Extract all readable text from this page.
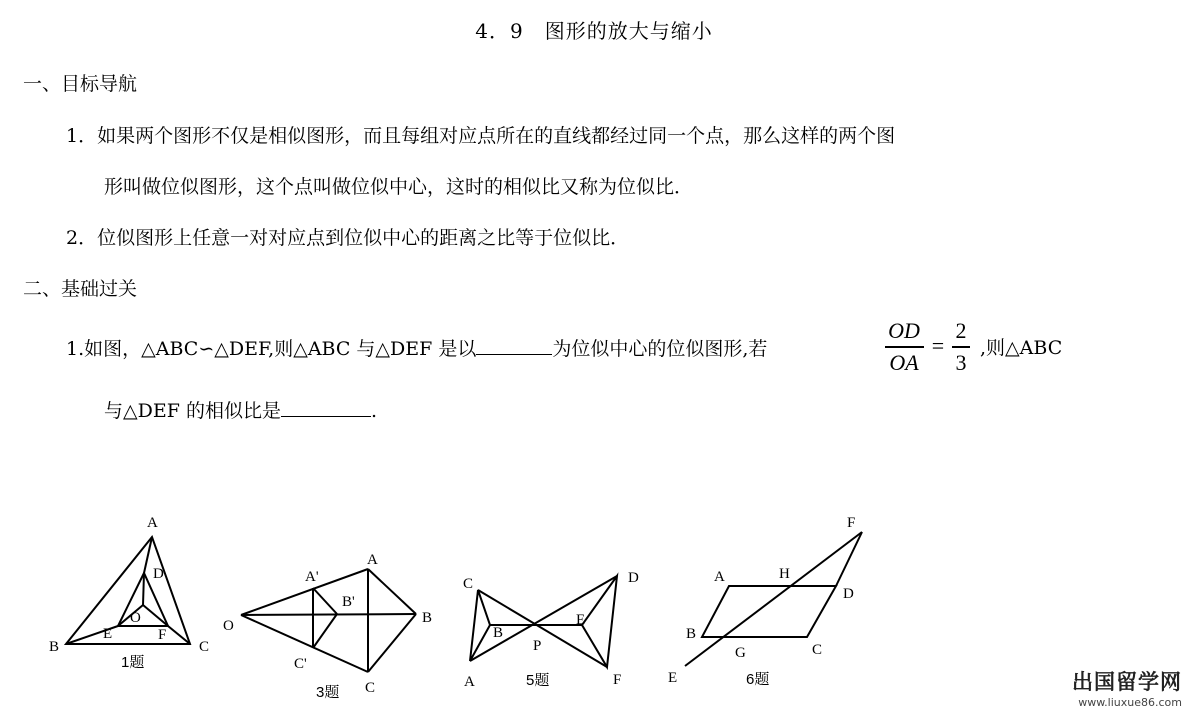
4．9　图形的放大与缩小
一、目标导航
1．如果两个图形不仅是相似图形，而且每组对应点所在的直线都经过同一个点，那么这样的两个图
形叫做位似图形，这个点叫做位似中心，这时的相似比又称为位似比．
2．位似图形上任意一对对应点到位似中心的距离之比等于位似比．
二、基础过关
1.如图，△ABC∽△DEF,则△ABC 与△DEF 是以	为位似中心的位似图形,若
OD
OA
=
2
3
,则△ABC
与△DEF 的相似比是	.
A
D
O
E	F
B	C
1题
A
A'
B'
O	B
C'
C
3题
C	D
B
E
P
A	F
5题
F
A	H
D
B
G	C
E	6题	出国留学网
www.liuxue86.com
